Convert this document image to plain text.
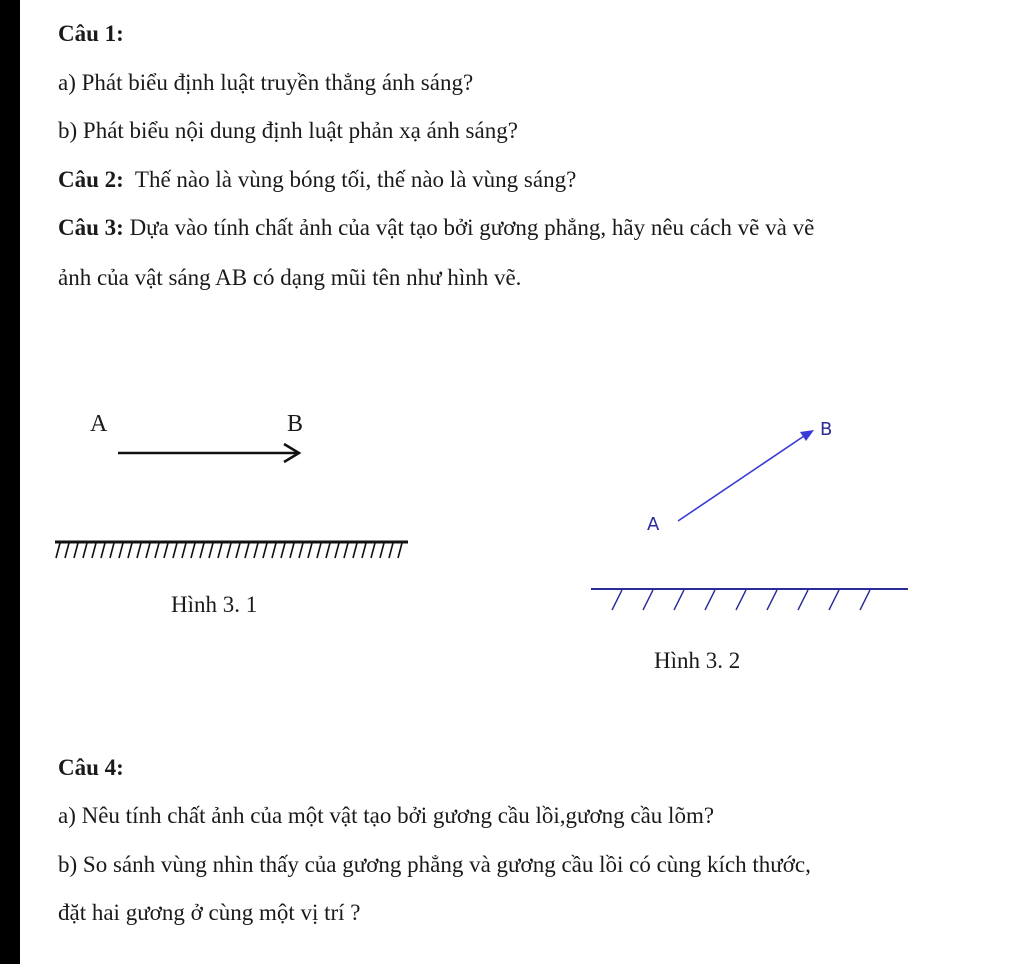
Câu 1:
a) Phát biểu định luật truyền thẳng ánh sáng?
b) Phát biểu nội dung định luật phản xạ ánh sáng?
Câu 2: Thế nào là vùng bóng tối, thế nào là vùng sáng?
Câu 3: Dựa vào tính chất ảnh của vật tạo bởi gương phẳng, hãy nêu cách vẽ và vẽ
ảnh của vật sáng AB có dạng mũi tên như hình vẽ.
A	B
Hình 3. 1
B
A
Hình 3. 2
Câu 4:
a) Nêu tính chất ảnh của một vật tạo bởi gương cầu lồi,gương cầu lõm?
b) So sánh vùng nhìn thấy của gương phẳng và gương cầu lồi có cùng kích thước,
đặt hai gương ở cùng một vị trí ?
